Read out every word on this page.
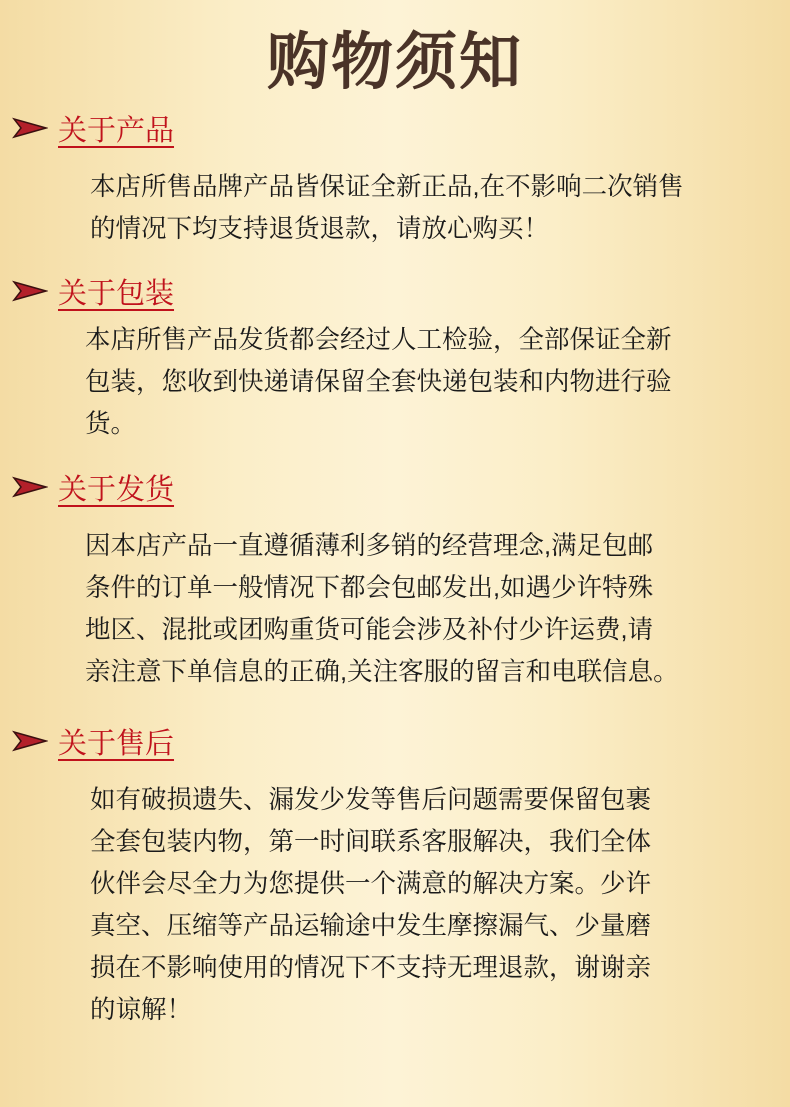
购物须知
关于产品
本店所售品牌产品皆保证全新正品,在不影响二次销售
的情况下均支持退货退款，请放心购买！
关于包装
本店所售产品发货都会经过人工检验，全部保证全新
包装，您收到快递请保留全套快递包装和内物进行验
货。
关于发货
因本店产品一直遵循薄利多销的经营理念,满足包邮
条件的订单一般情况下都会包邮发出,如遇少许特殊
地区、混批或团购重货可能会涉及补付少许运费,请
亲注意下单信息的正确,关注客服的留言和电联信息。
关于售后
如有破损遗失、漏发少发等售后问题需要保留包裹
全套包装内物，第一时间联系客服解决，我们全体
伙伴会尽全力为您提供一个满意的解决方案。少许
真空、压缩等产品运输途中发生摩擦漏气、少量磨
损在不影响使用的情况下不支持无理退款，谢谢亲
的谅解！
